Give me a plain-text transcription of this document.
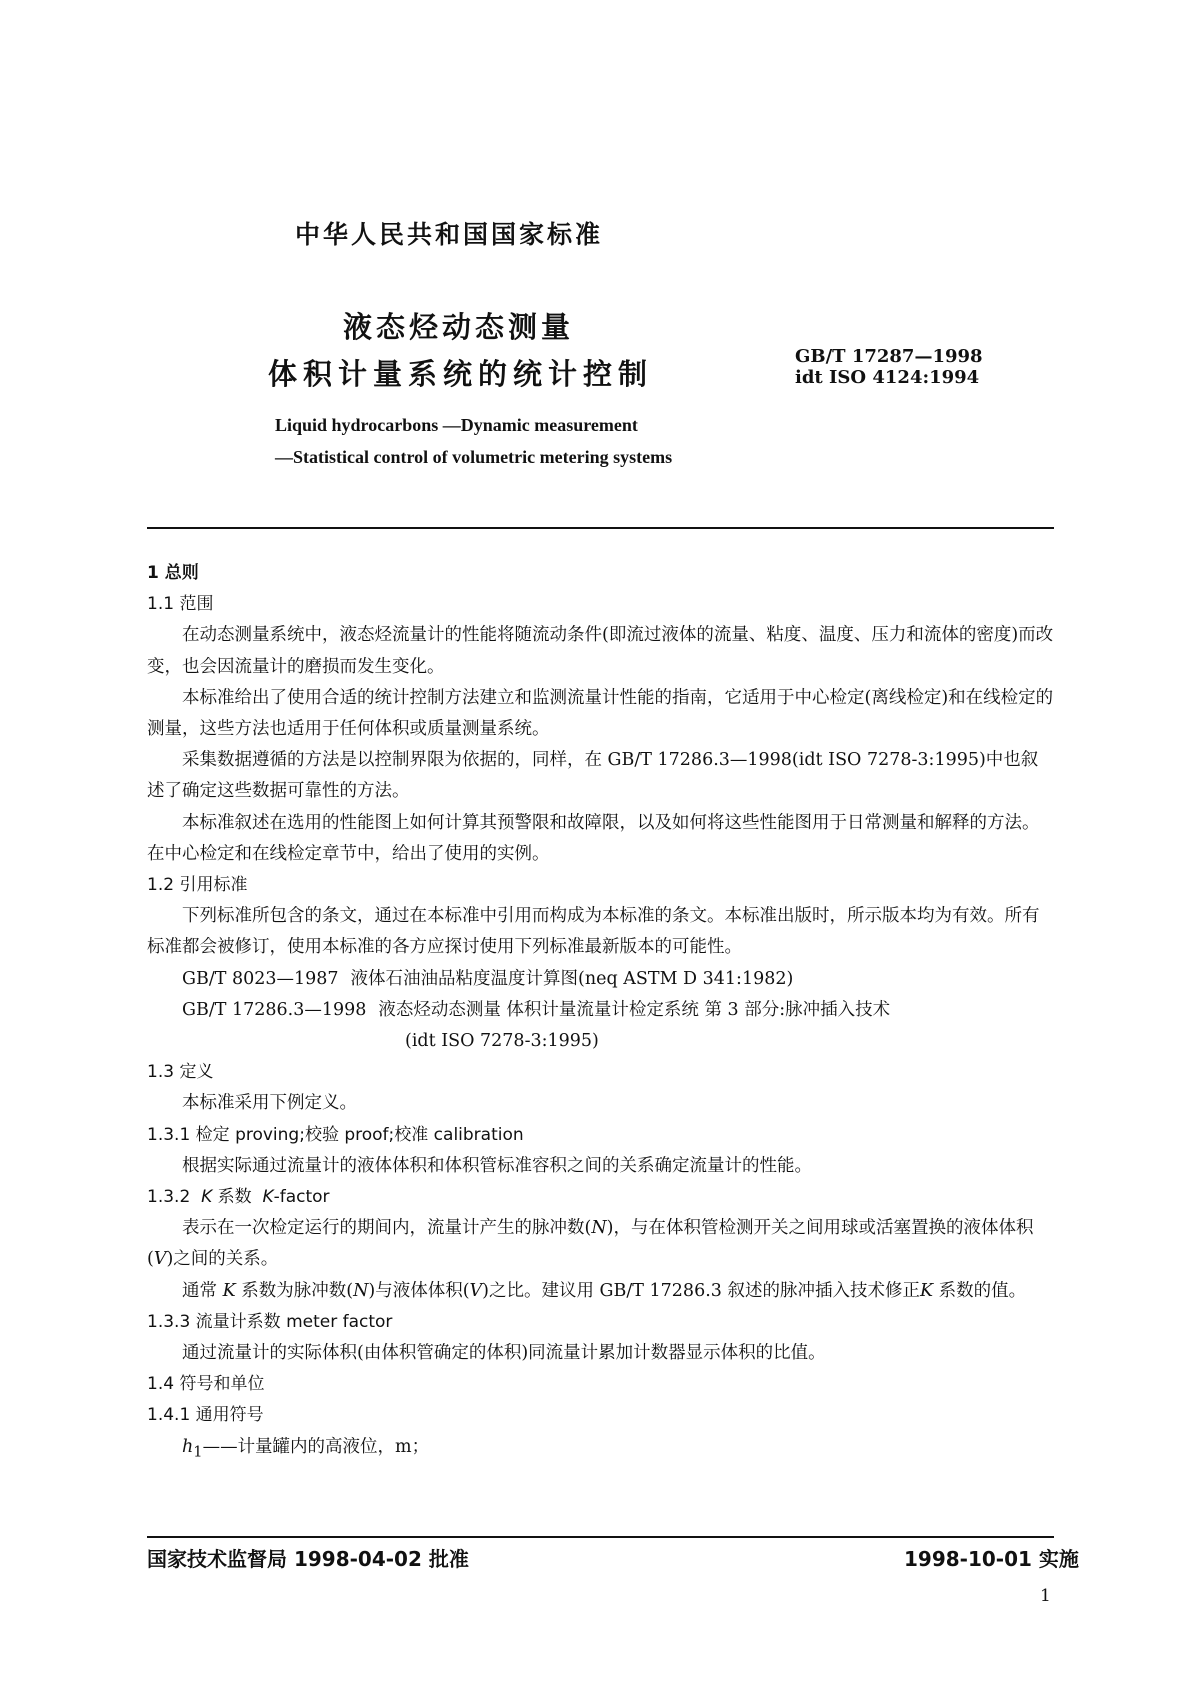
中华人民共和国国家标准
液态烃动态测量
体积计量系统的统计控制
GB/T 17287—1998
idt ISO 4124:1994
Liquid hydrocarbons —Dynamic measurement
—Statistical control of volumetric metering systems

1 总则

1.1 范围

在动态测量系统中，液态烃流量计的性能将随流动条件(即流过液体的流量、粘度、温度、压力和流体的密度)而改变，也会因流量计的磨损而发生变化。

本标准给出了使用合适的统计控制方法建立和监测流量计性能的指南，它适用于中心检定(离线检定)和在线检定的测量，这些方法也适用于任何体积或质量测量系统。

采集数据遵循的方法是以控制界限为依据的，同样，在 GB/T 17286.3—1998(idt ISO 7278-3:1995)中也叙述了确定这些数据可靠性的方法。

本标准叙述在选用的性能图上如何计算其预警限和故障限，以及如何将这些性能图用于日常测量和解释的方法。在中心检定和在线检定章节中，给出了使用的实例。

1.2 引用标准

下列标准所包含的条文，通过在本标准中引用而构成为本标准的条文。本标准出版时，所示版本均为有效。所有标准都会被修订，使用本标准的各方应探讨使用下列标准最新版本的可能性。

GB/T 8023—1987 液体石油油品粘度温度计算图(neq ASTM D 341:1982)

GB/T 17286.3—1998 液态烃动态测量 体积计量流量计检定系统 第 3 部分:脉冲插入技术

(idt ISO 7278-3:1995)

1.3 定义

本标准采用下例定义。

1.3.1 检定 proving;校验 proof;校准 calibration

根据实际通过流量计的液体体积和体积管标准容积之间的关系确定流量计的性能。

1.3.2 K 系数 K-factor

表示在一次检定运行的期间内，流量计产生的脉冲数(N)，与在体积管检测开关之间用球或活塞置换的液体体积(V)之间的关系。

通常 K 系数为脉冲数(N)与液体体积(V)之比。建议用 GB/T 17286.3 叙述的脉冲插入技术修正K 系数的值。

1.3.3 流量计系数 meter factor

通过流量计的实际体积(由体积管确定的体积)同流量计累加计数器显示体积的比值。

1.4 符号和单位

1.4.1 通用符号

$h_1——$计量罐内的高液位，m；

国家技术监督局 1998-04-02 批准	1998-10-01 实施
1
